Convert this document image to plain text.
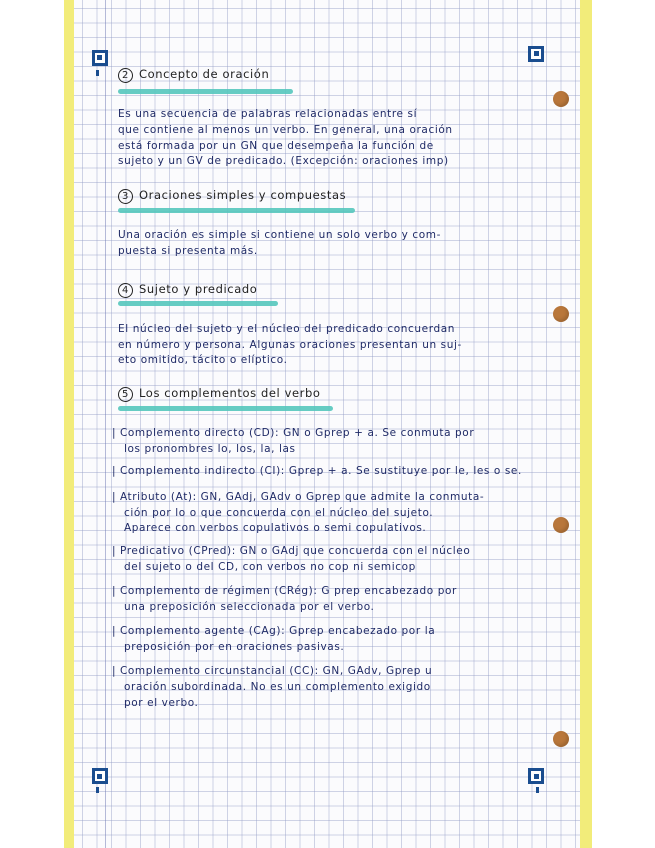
2 Concepto de oración
Es una secuencia de palabras relacionadas entre sí
que contiene al menos un verbo. En general, una oración
está formada por un GN que desempeña la función de
sujeto y un GV de predicado. (Excepción: oraciones imp)
3 Oraciones simples y compuestas
Una oración es simple si contiene un solo verbo y com-
puesta si presenta más.
4 Sujeto y predicado
El núcleo del sujeto y el núcleo del predicado concuerdan
en número y persona. Algunas oraciones presentan un suj-
eto omitido, tácito o elíptico.
5 Los complementos del verbo
| Complemento directo (CD): GN o Gprep + a. Se conmuta por
los pronombres lo, los, la, las
| Complemento indirecto (CI): Gprep + a. Se sustituye por le, les o se.
| Atributo (At): GN, GAdj, GAdv o Gprep que admite la conmuta-
ción por lo o que concuerda con el núcleo del sujeto.
Aparece con verbos copulativos o semi copulativos.
| Predicativo (CPred): GN o GAdj que concuerda con el núcleo
del sujeto o del CD, con verbos no cop ni semicop
| Complemento de régimen (CRég): G prep encabezado por
una preposición seleccionada por el verbo.
| Complemento agente (CAg): Gprep encabezado por la
preposición por en oraciones pasivas.
| Complemento circunstancial (CC): GN, GAdv, Gprep u
oración subordinada. No es un complemento exigido
por el verbo.
